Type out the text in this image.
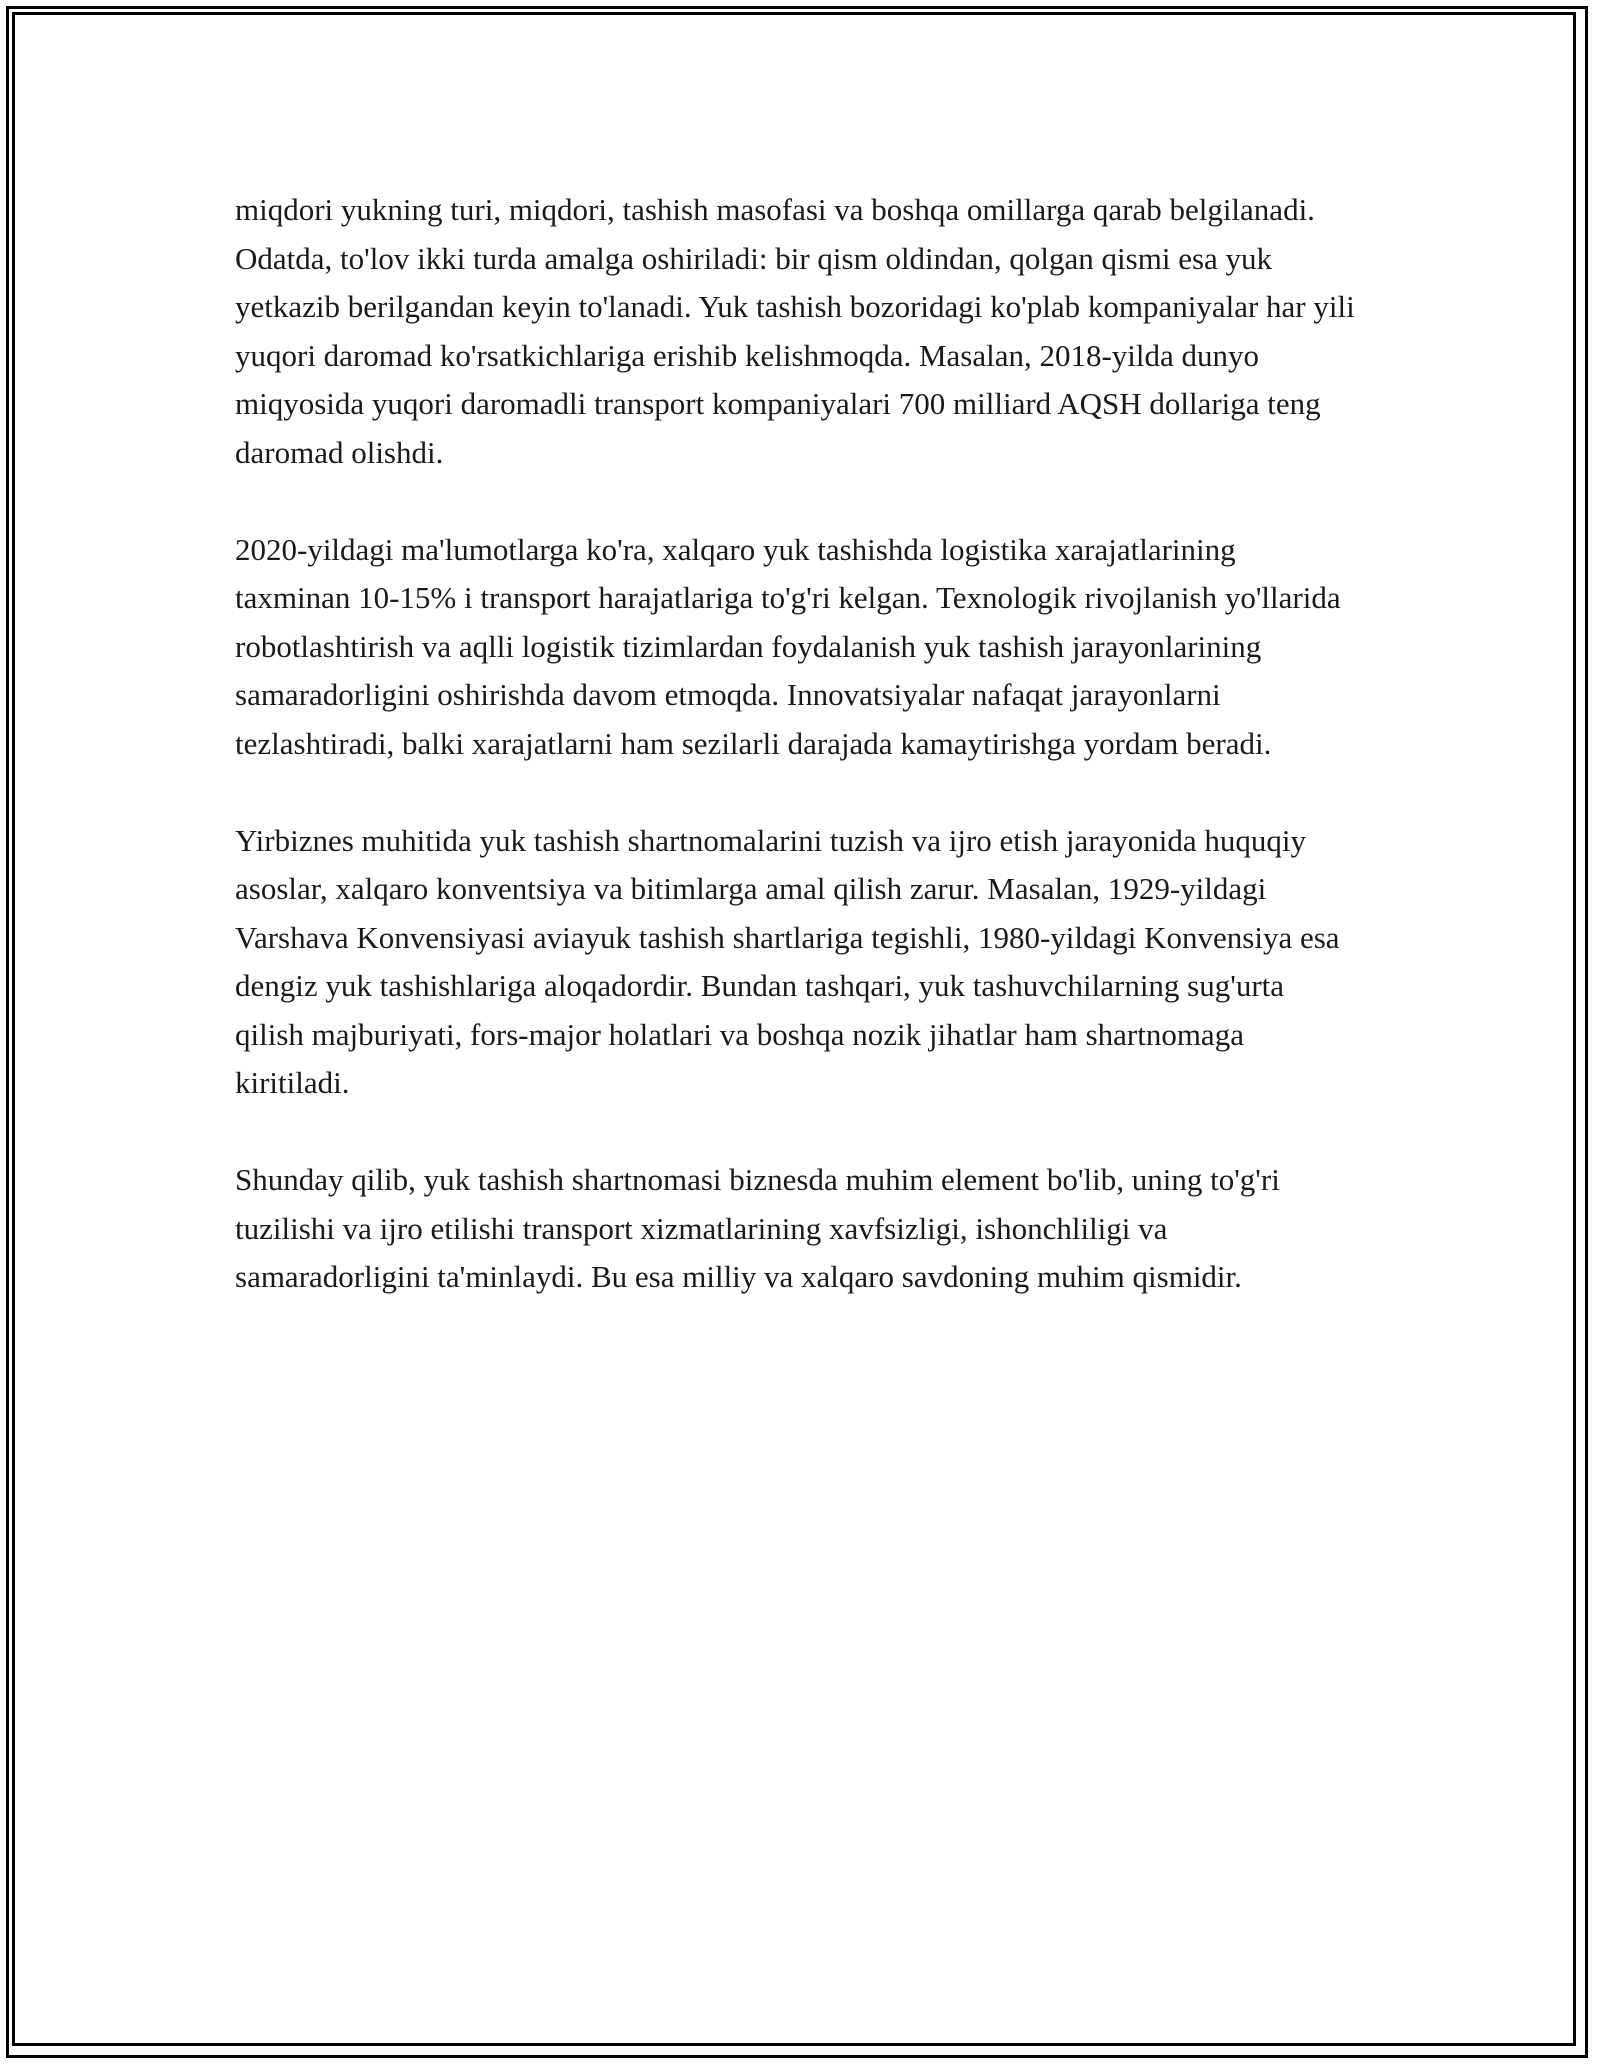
miqdori yukning turi, miqdori, tashish masofasi va boshqa omillarga qarab belgilanadi. Odatda, to'lov ikki turda amalga oshiriladi: bir qism oldindan, qolgan qismi esa yuk yetkazib berilgandan keyin to'lanadi. Yuk tashish bozoridagi ko'plab kompaniyalar har yili yuqori daromad ko'rsatkichlariga erishib kelishmoqda. Masalan, 2018-yilda dunyo miqyosida yuqori daromadli transport kompaniyalari 700 milliard AQSH dollariga teng daromad olishdi.

2020-yildagi ma'lumotlarga ko'ra, xalqaro yuk tashishda logistika xarajatlarining taxminan 10-15% i transport harajatlariga to'g'ri kelgan. Texnologik rivojlanish yo'llarida robotlashtirish va aqlli logistik tizimlardan foydalanish yuk tashish jarayonlarining samaradorligini oshirishda davom etmoqda. Innovatsiyalar nafaqat jarayonlarni tezlashtiradi, balki xarajatlarni ham sezilarli darajada kamaytirishga yordam beradi.

Yirbiznes muhitida yuk tashish shartnomalarini tuzish va ijro etish jarayonida huquqiy asoslar, xalqaro konventsiya va bitimlarga amal qilish zarur. Masalan, 1929-yildagi Varshava Konvensiyasi aviayuk tashish shartlariga tegishli, 1980-yildagi Konvensiya esa dengiz yuk tashishlariga aloqadordir. Bundan tashqari, yuk tashuvchilarning sug'urta qilish majburiyati, fors-major holatlari va boshqa nozik jihatlar ham shartnomaga kiritiladi.

Shunday qilib, yuk tashish shartnomasi biznesda muhim element bo'lib, uning to'g'ri tuzilishi va ijro etilishi transport xizmatlarining xavfsizligi, ishonchliligi va samaradorligini ta'minlaydi. Bu esa milliy va xalqaro savdoning muhim qismidir.
